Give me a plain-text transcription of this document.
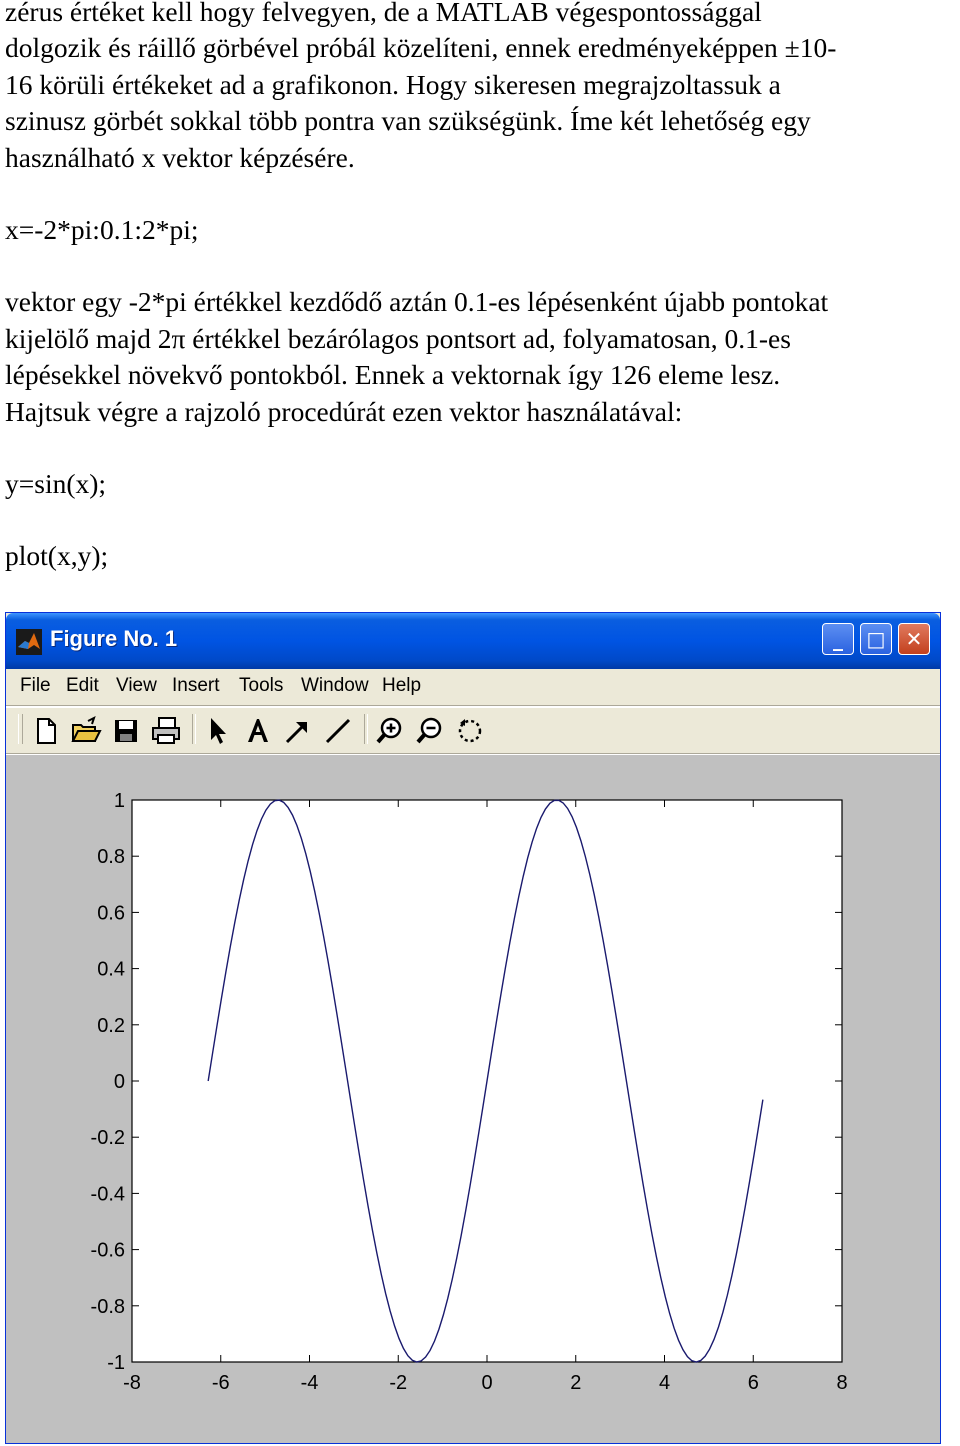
zérus értéket kell hogy felvegyen, de a MATLAB végespontossággal

dolgozik és ráillő görbével próbál közelíteni, ennek eredményeképpen ±10-

16 körüli értékeket ad a grafikonon. Hogy sikeresen megrajzoltassuk a

szinusz görbét sokkal több pontra van szükségünk. Íme két lehetőség egy

használható x vektor képzésére.

x=-2*pi:0.1:2*pi;

vektor egy -2*pi értékkel kezdődő aztán 0.1-es lépésenként újabb pontokat

kijelölő majd 2π értékkel bezárólagos pontsort ad, folyamatosan, 0.1-es

lépésekkel növekvő pontokból. Ennek a vektornak így 126 eleme lesz.

Hajtsuk végre a rajzoló procedúrát ezen vektor használatával:

y=sin(x);

plot(x,y);

Figure No. 1	_	□	✕
File Edit View Insert Tools Window Help
-8	-6	-4	-2	0	2	4	6	8
-1
-0.8
-0.6
-0.4
-0.2
0
0.2
0.4
0.6
0.8
1
